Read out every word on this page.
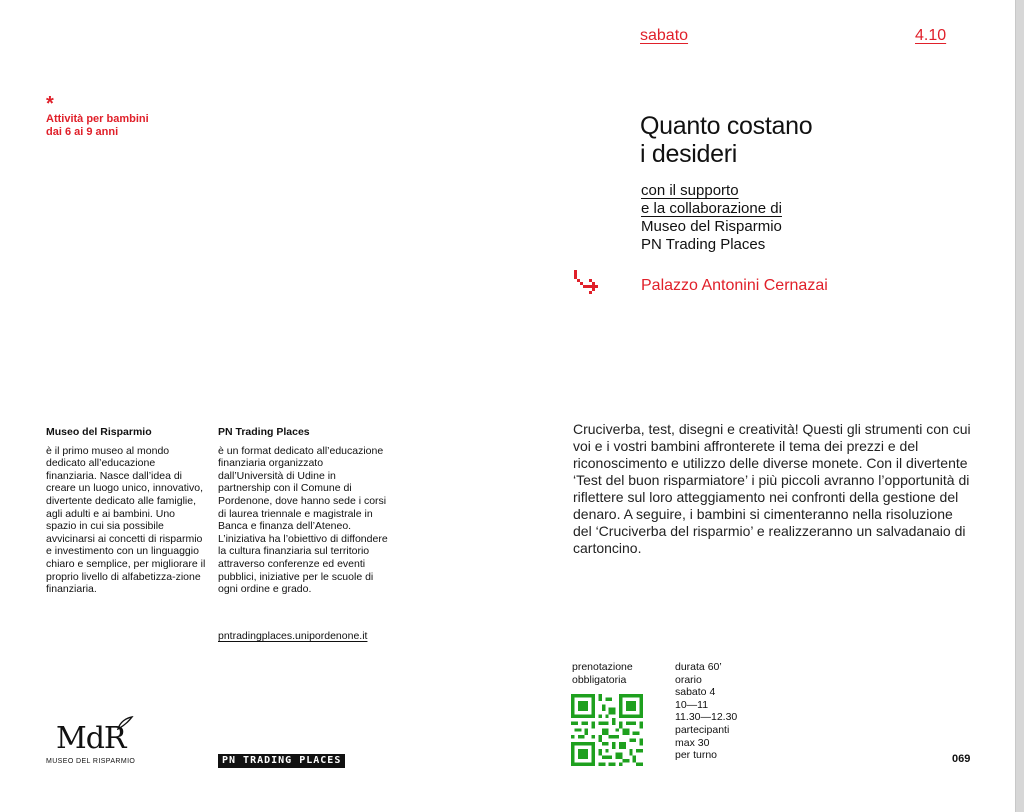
sabato	4.10
*
Attività per bambini
dai 6 ai 9 anni	Quanto costano
i desideri
con il supporto
e la collaborazione di
Museo del Risparmio
PN Trading Places
Palazzo Antonini Cernazai
Museo del Risparmio

è il primo museo al mondo dedicato all’educazione finanziaria. Nasce dall’idea di creare un luogo unico, innovativo, divertente dedicato alle famiglie, agli adulti e ai bambini. Uno spazio in cui sia possibile avvicinarsi ai concetti di risparmio e investimento con un linguaggio chiaro e semplice, per migliorare il proprio livello di alfabetizza-zione finanziaria.

PN Trading Places

è un format dedicato all’educazione finanziaria organizzato dall’Università di Udine in partnership con il Comune di Pordenone, dove hanno sede i corsi di laurea triennale e magistrale in Banca e finanza dell’Ateneo. L’iniziativa ha l’obiettivo di diffondere la cultura finanziaria sul territorio attraverso conferenze ed eventi pubblici, iniziative per le scuole di ogni ordine e grado.

pntradingplaces.unipordenone.it
Cruciverba, test, disegni e creatività! Questi gli strumenti con cui voi e i vostri bambini affronterete il tema dei prezzi e del riconoscimento e utilizzo delle diverse monete. Con il divertente ‘Test del buon risparmiatore’ i più piccoli avranno l’opportunità di riflettere sul loro atteggiamento nei confronti della gestione del denaro. A seguire, i bambini si cimenteranno nella risoluzione del ‘Cruciverba del risparmio’ e realizzeranno un salvadanaio di cartoncino.
prenotazione
obbligatoria
durata 60’
orario
sabato 4
10—11
11.30—12.30
partecipanti
max 30
per turno	069
MdR
MUSEO DEL RISPARMIO	PN TRADING PLACES
